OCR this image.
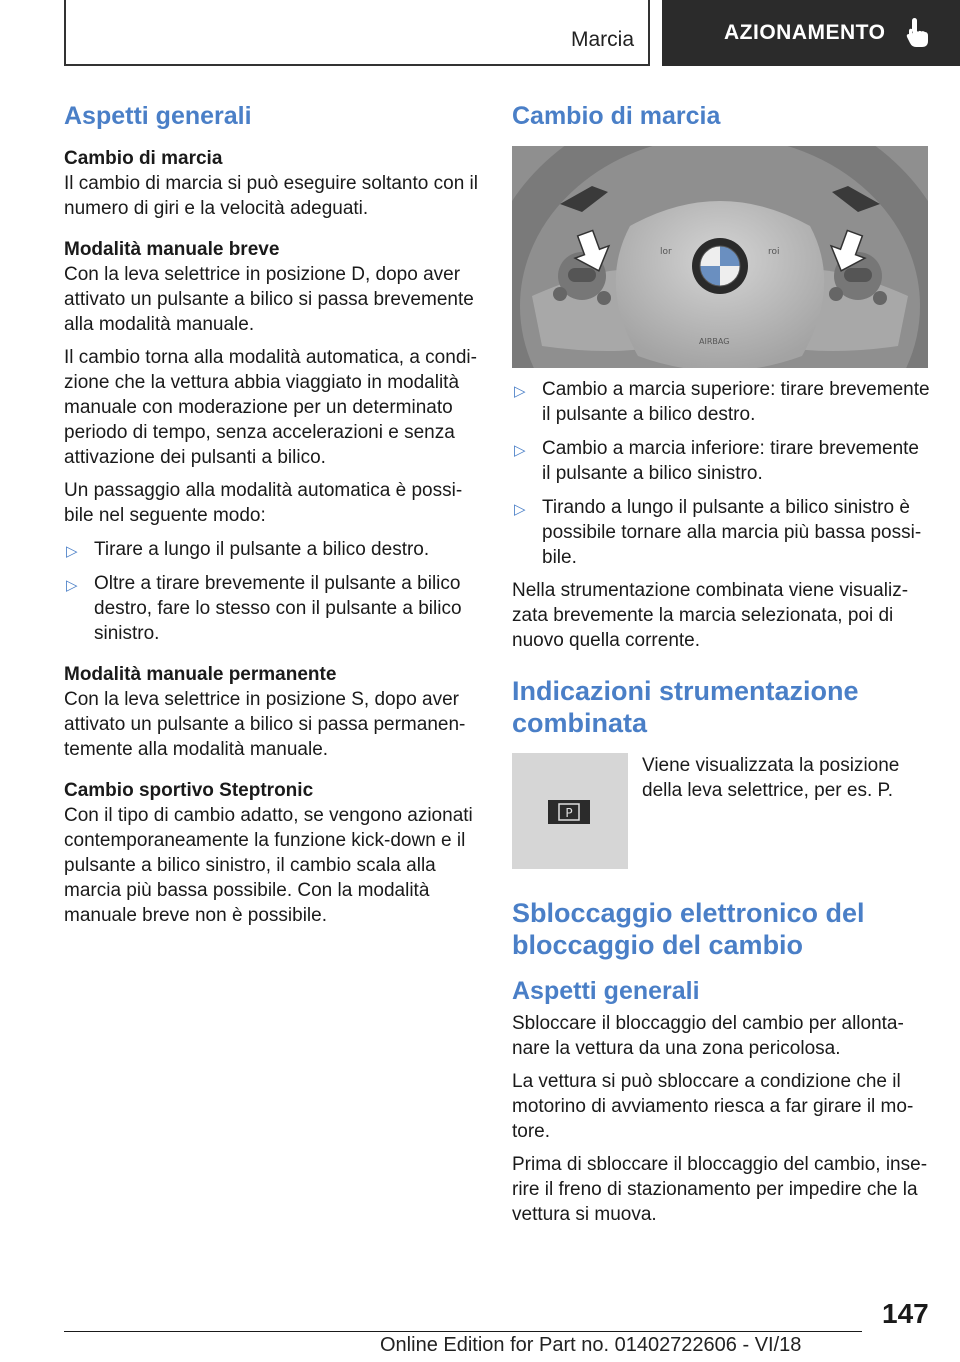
Marcia	AZIONAMENTO
Aspetti generali
Cambio di marcia

Il cambio di marcia si può eseguire soltanto con il numero di giri e la velocità adeguati.

Modalità manuale breve

Con la leva selettrice in posizione D, dopo aver attivato un pulsante a bilico si passa brevemente alla modalità manuale.

Il cambio torna alla modalità automatica, a condizione che la vettura abbia viaggiato in modalità manuale con moderazione per un determinato periodo di tempo, senza accelerazioni e senza attivazione dei pulsanti a bilico.

Un passaggio alla modalità automatica è possibile nel seguente modo:

▷ Tirare a lungo il pulsante a bilico destro.
▷ Oltre a tirare brevemente il pulsante a bilico destro, fare lo stesso con il pulsante a bilico sinistro.
Modalità manuale permanente

Con la leva selettrice in posizione S, dopo aver attivato un pulsante a bilico si passa permanentemente alla modalità manuale.

Cambio sportivo Steptronic

Con il tipo di cambio adatto, se vengono azionati contemporaneamente la funzione kick-down e il pulsante a bilico sinistro, il cambio scala alla marcia più bassa possibile. Con la modalità manuale breve non è possibile.

Cambio di marcia
lor	roi
AIRBAG
▷ Cambio a marcia superiore: tirare brevemente il pulsante a bilico destro.
▷ Cambio a marcia inferiore: tirare brevemente il pulsante a bilico sinistro.
▷ Tirando a lungo il pulsante a bilico sinistro è possibile tornare alla marcia più bassa possibile.

Nella strumentazione combinata viene visualizzata brevemente la marcia selezionata, poi di nuovo quella corrente.

Indicazioni strumentazione combinata
P

Viene visualizzata la posizione della leva selettrice, per es. P.

Sbloccaggio elettronico del bloccaggio del cambio
Aspetti generali

Sbloccare il bloccaggio del cambio per allontanare la vettura da una zona pericolosa.

La vettura si può sbloccare a condizione che il motorino di avviamento riesca a far girare il motore.

Prima di sbloccare il bloccaggio del cambio, inserire il freno di stazionamento per impedire che la vettura si muova.

147
Online Edition for Part no. 01402722606 - VI/18
